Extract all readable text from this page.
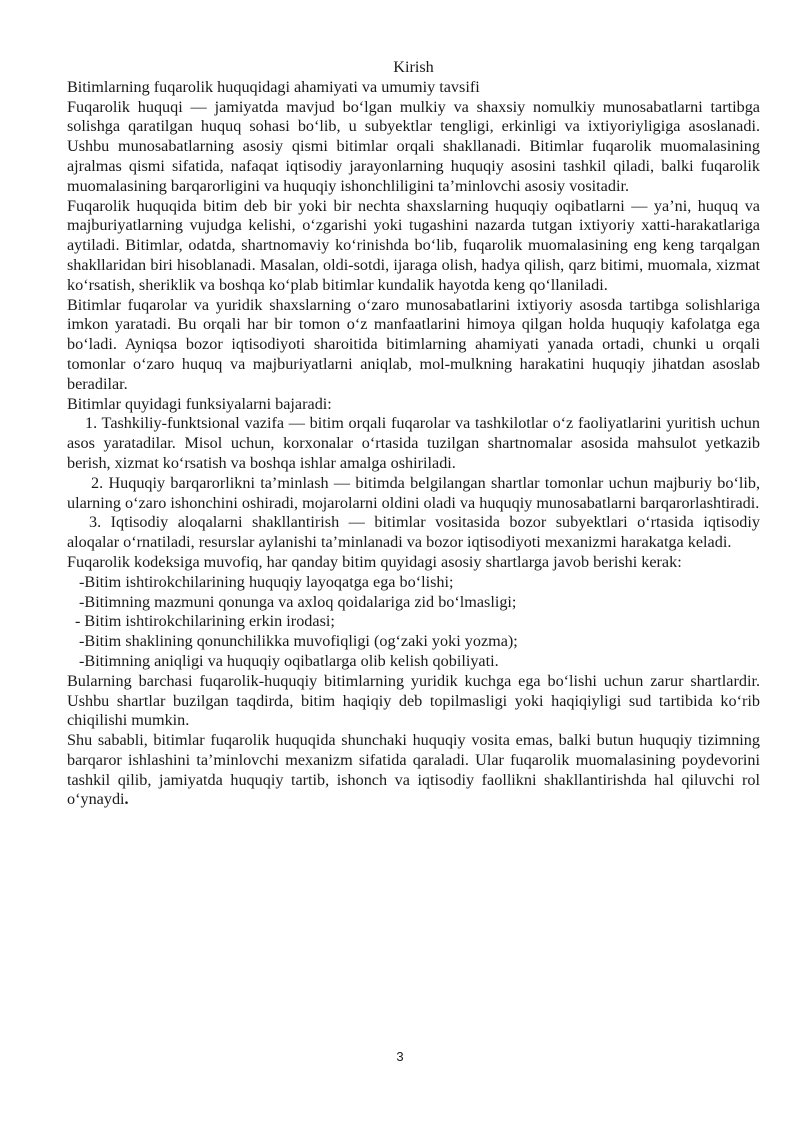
Kirish

Bitimlarning fuqarolik huquqidagi ahamiyati va umumiy tavsifi

Fuqarolik huquqi — jamiyatda mavjud bo‘lgan mulkiy va shaxsiy nomulkiy munosabatlarni tartibga solishga qaratilgan huquq sohasi bo‘lib, u subyektlar tengligi, erkinligi va ixtiyoriyligiga asoslanadi. Ushbu munosabatlarning asosiy qismi bitimlar orqali shakllanadi. Bitimlar fuqarolik muomalasining ajralmas qismi sifatida, nafaqat iqtisodiy jarayonlarning huquqiy asosini tashkil qiladi, balki fuqarolik muomalasining barqarorligini va huquqiy ishonchliligini ta’minlovchi asosiy vositadir.

Fuqarolik huquqida bitim deb bir yoki bir nechta shaxslarning huquqiy oqibatlarni — ya’ni, huquq va majburiyatlarning vujudga kelishi, o‘zgarishi yoki tugashini nazarda tutgan ixtiyoriy xatti-harakatlariga aytiladi. Bitimlar, odatda, shartnomaviy ko‘rinishda bo‘lib, fuqarolik muomalasining eng keng tarqalgan shakllaridan biri hisoblanadi. Masalan, oldi-sotdi, ijaraga olish, hadya qilish, qarz bitimi, muomala, xizmat ko‘rsatish, sheriklik va boshqa ko‘plab bitimlar kundalik hayotda keng qo‘llaniladi.

Bitimlar fuqarolar va yuridik shaxslarning o‘zaro munosabatlarini ixtiyoriy asosda tartibga solishlariga imkon yaratadi. Bu orqali har bir tomon o‘z manfaatlarini himoya qilgan holda huquqiy kafolatga ega bo‘ladi. Ayniqsa bozor iqtisodiyoti sharoitida bitimlarning ahamiyati yanada ortadi, chunki u orqali tomonlar o‘zaro huquq va majburiyatlarni aniqlab, mol-mulkning harakatini huquqiy jihatdan asoslab beradilar.

Bitimlar quyidagi funksiyalarni bajaradi:

1. Tashkiliy-funktsional vazifa — bitim orqali fuqarolar va tashkilotlar o‘z faoliyatlarini yuritish uchun asos yaratadilar. Misol uchun, korxonalar o‘rtasida tuzilgan shartnomalar asosida mahsulot yetkazib berish, xizmat ko‘rsatish va boshqa ishlar amalga oshiriladi.

2. Huquqiy barqarorlikni ta’minlash — bitimda belgilangan shartlar tomonlar uchun majburiy bo‘lib, ularning o‘zaro ishonchini oshiradi, mojarolarni oldini oladi va huquqiy munosabatlarni barqarorlashtiradi.

3. Iqtisodiy aloqalarni shakllantirish — bitimlar vositasida bozor subyektlari o‘rtasida iqtisodiy aloqalar o‘rnatiladi, resurslar aylanishi ta’minlanadi va bozor iqtisodiyoti mexanizmi harakatga keladi.

Fuqarolik kodeksiga muvofiq, har qanday bitim quyidagi asosiy shartlarga javob berishi kerak:

-Bitim ishtirokchilarining huquqiy layoqatga ega bo‘lishi;

-Bitimning mazmuni qonunga va axloq qoidalariga zid bo‘lmasligi;

- Bitim ishtirokchilarining erkin irodasi;

-Bitim shaklining qonunchilikka muvofiqligi (og‘zaki yoki yozma);

-Bitimning aniqligi va huquqiy oqibatlarga olib kelish qobiliyati.

Bularning barchasi fuqarolik-huquqiy bitimlarning yuridik kuchga ega bo‘lishi uchun zarur shartlardir. Ushbu shartlar buzilgan taqdirda, bitim haqiqiy deb topilmasligi yoki haqiqiyligi sud tartibida ko‘rib chiqilishi mumkin.

Shu sababli, bitimlar fuqarolik huquqida shunchaki huquqiy vosita emas, balki butun huquqiy tizimning barqaror ishlashini ta’minlovchi mexanizm sifatida qaraladi. Ular fuqarolik muomalasining poydevorini tashkil qilib, jamiyatda huquqiy tartib, ishonch va iqtisodiy faollikni shakllantirishda hal qiluvchi rol o‘ynaydi.

3
